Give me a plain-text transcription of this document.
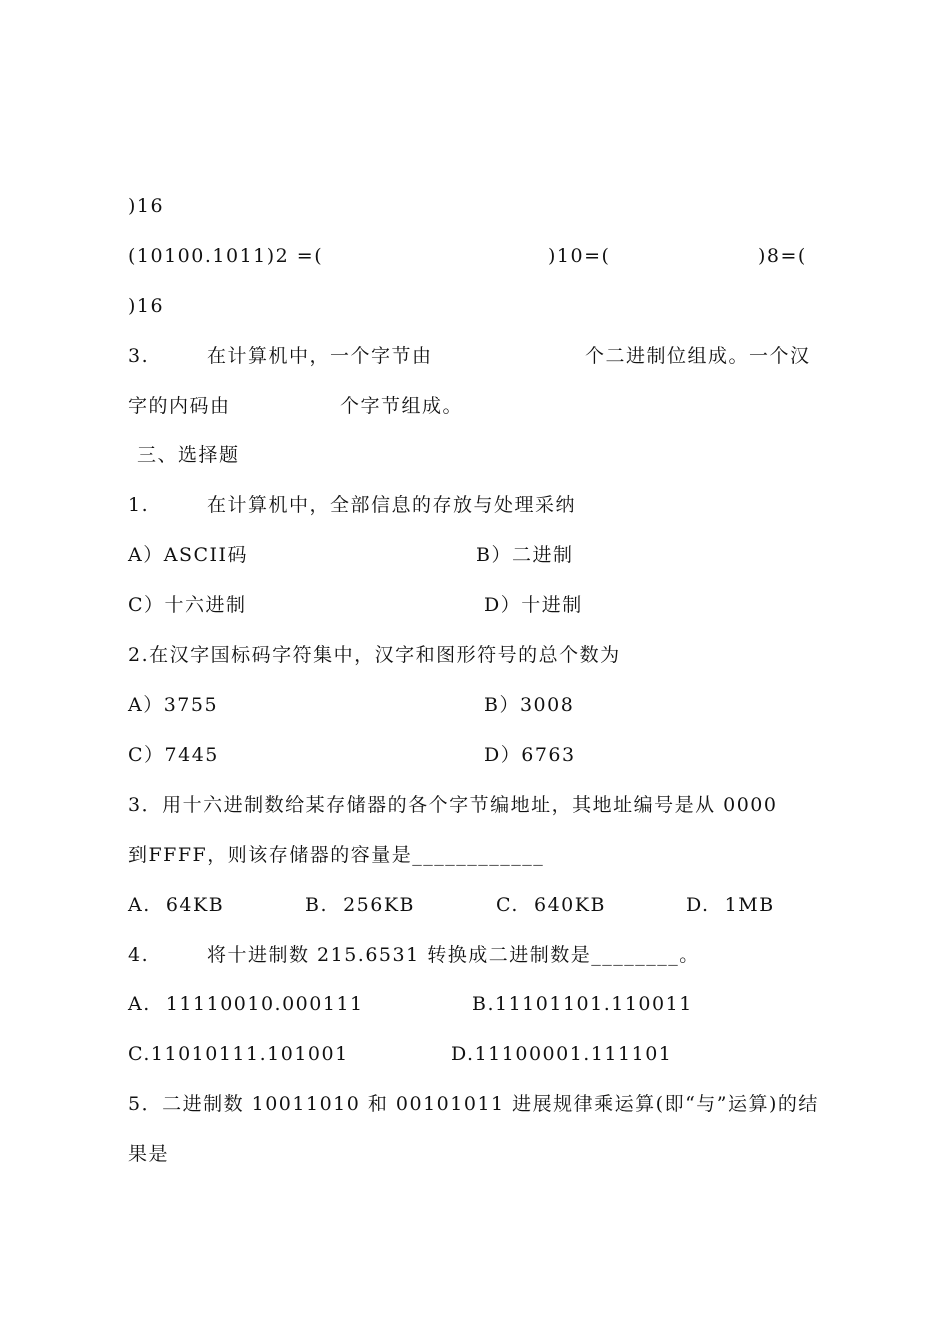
)16
(10100.1011)2 =(	)10=(	)8=(
)16
3.	在计算机中，一个字节由	个二进制位组成。一个汉
字的内码由	个字节组成。
三、选择题
1.	在计算机中，全部信息的存放与处理采纳
A）ASCII码	B）二进制
C）十六进制	D）十进制
2.在汉字国标码字符集中，汉字和图形符号的总个数为
A）3755	B）3008
C）7445	D）6763
3．用十六进制数给某存储器的各个字节编地址，其地址编号是从 0000
到FFFF，则该存储器的容量是____________
A.  64KB	B.  256KB	C.  640KB	D.  1MB
4.	将十进制数 215.6531 转换成二进制数是________。
A.  11110010.000111	B.11101101.110011
C.11010111.101001	D.11100001.111101
5．二进制数 10011010 和 00101011 进展规律乘运算(即“与”运算)的结
果是
